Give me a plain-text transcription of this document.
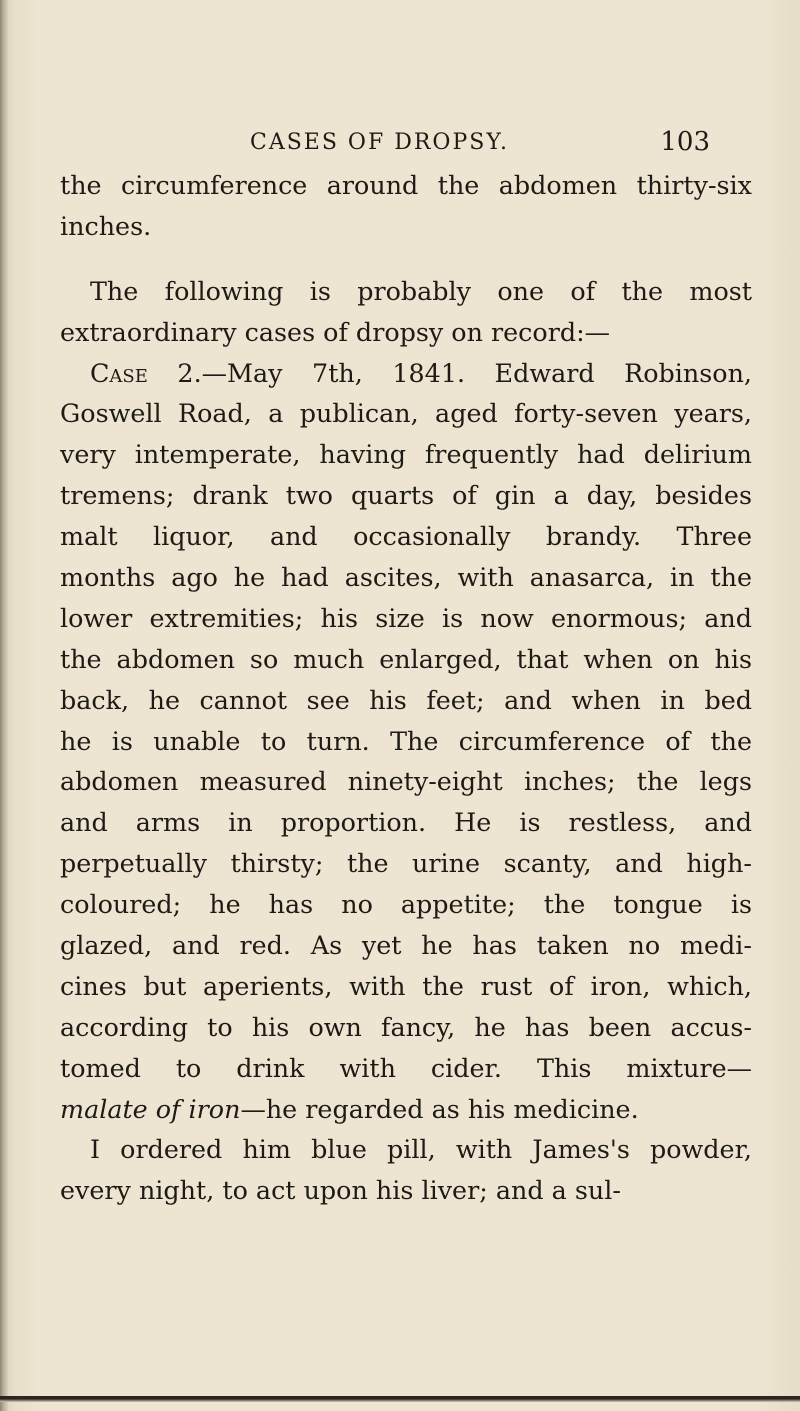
CASES OF DROPSY.	103
the circumference around the abdomen thirty-six
inches.
The following is probably one of the most
extraordinary cases of dropsy on record:—
Case 2.—May 7th, 1841. Edward Robinson,
Goswell Road, a publican, aged forty-seven years,
very intemperate, having frequently had delirium
tremens; drank two quarts of gin a day, besides
malt liquor, and occasionally brandy. Three
months ago he had ascites, with anasarca, in the
lower extremities; his size is now enormous; and
the abdomen so much enlarged, that when on his
back, he cannot see his feet; and when in bed
he is unable to turn. The circumference of the
abdomen measured ninety-eight inches; the legs
and arms in proportion. He is restless, and
perpetually thirsty; the urine scanty, and high-
coloured; he has no appetite; the tongue is
glazed, and red. As yet he has taken no medi-
cines but aperients, with the rust of iron, which,
according to his own fancy, he has been accus-
tomed to drink with cider. This mixture—
malate of iron—he regarded as his medicine.
I ordered him blue pill, with James's powder,
every night, to act upon his liver; and a sul-
